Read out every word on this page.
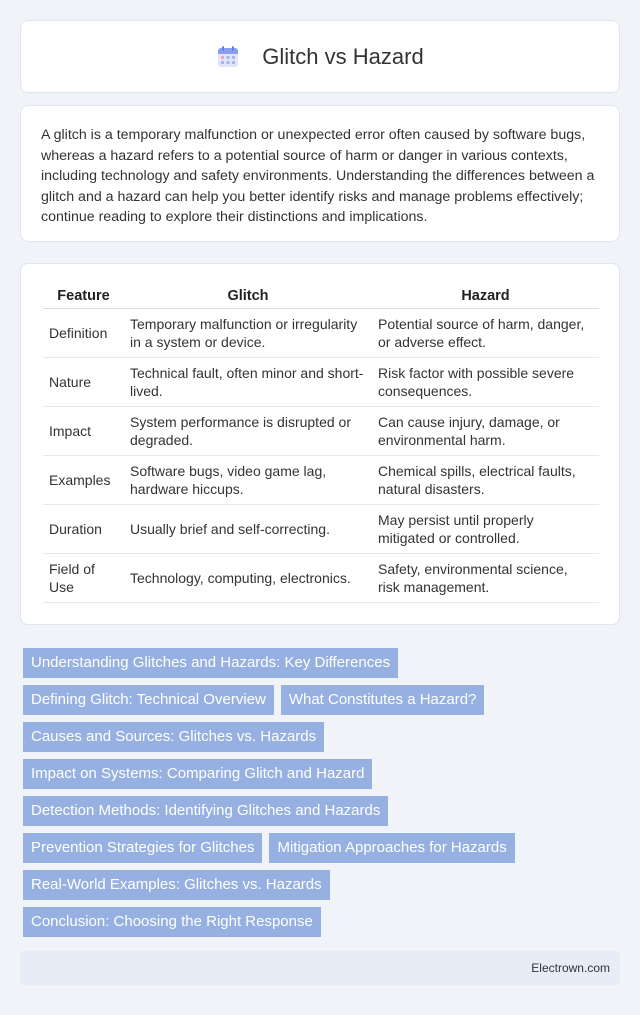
Glitch vs Hazard

A glitch is a temporary malfunction or unexpected error often caused by software bugs, whereas a hazard refers to a potential source of harm or danger in various contexts, including technology and safety environments. Understanding the differences between a glitch and a hazard can help you better identify risks and manage problems effectively; continue reading to explore their distinctions and implications.

Feature	Glitch	Hazard
Definition	Temporary malfunction or irregularity in a system or device.	Potential source of harm, danger, or adverse effect.
Nature	Technical fault, often minor and short-lived.	Risk factor with possible severe consequences.
Impact	System performance is disrupted or degraded.	Can cause injury, damage, or environmental harm.
Examples	Software bugs, video game lag, hardware hiccups.	Chemical spills, electrical faults, natural disasters.
Duration	Usually brief and self-correcting.	May persist until properly mitigated or controlled.
Field of Use	Technology, computing, electronics.	Safety, environmental science, risk management.
Understanding Glitches and Hazards: Key Differences
Defining Glitch: Technical Overview	What Constitutes a Hazard?
Causes and Sources: Glitches vs. Hazards
Impact on Systems: Comparing Glitch and Hazard
Detection Methods: Identifying Glitches and Hazards
Prevention Strategies for Glitches	Mitigation Approaches for Hazards
Real-World Examples: Glitches vs. Hazards
Conclusion: Choosing the Right Response
Electrown.com
